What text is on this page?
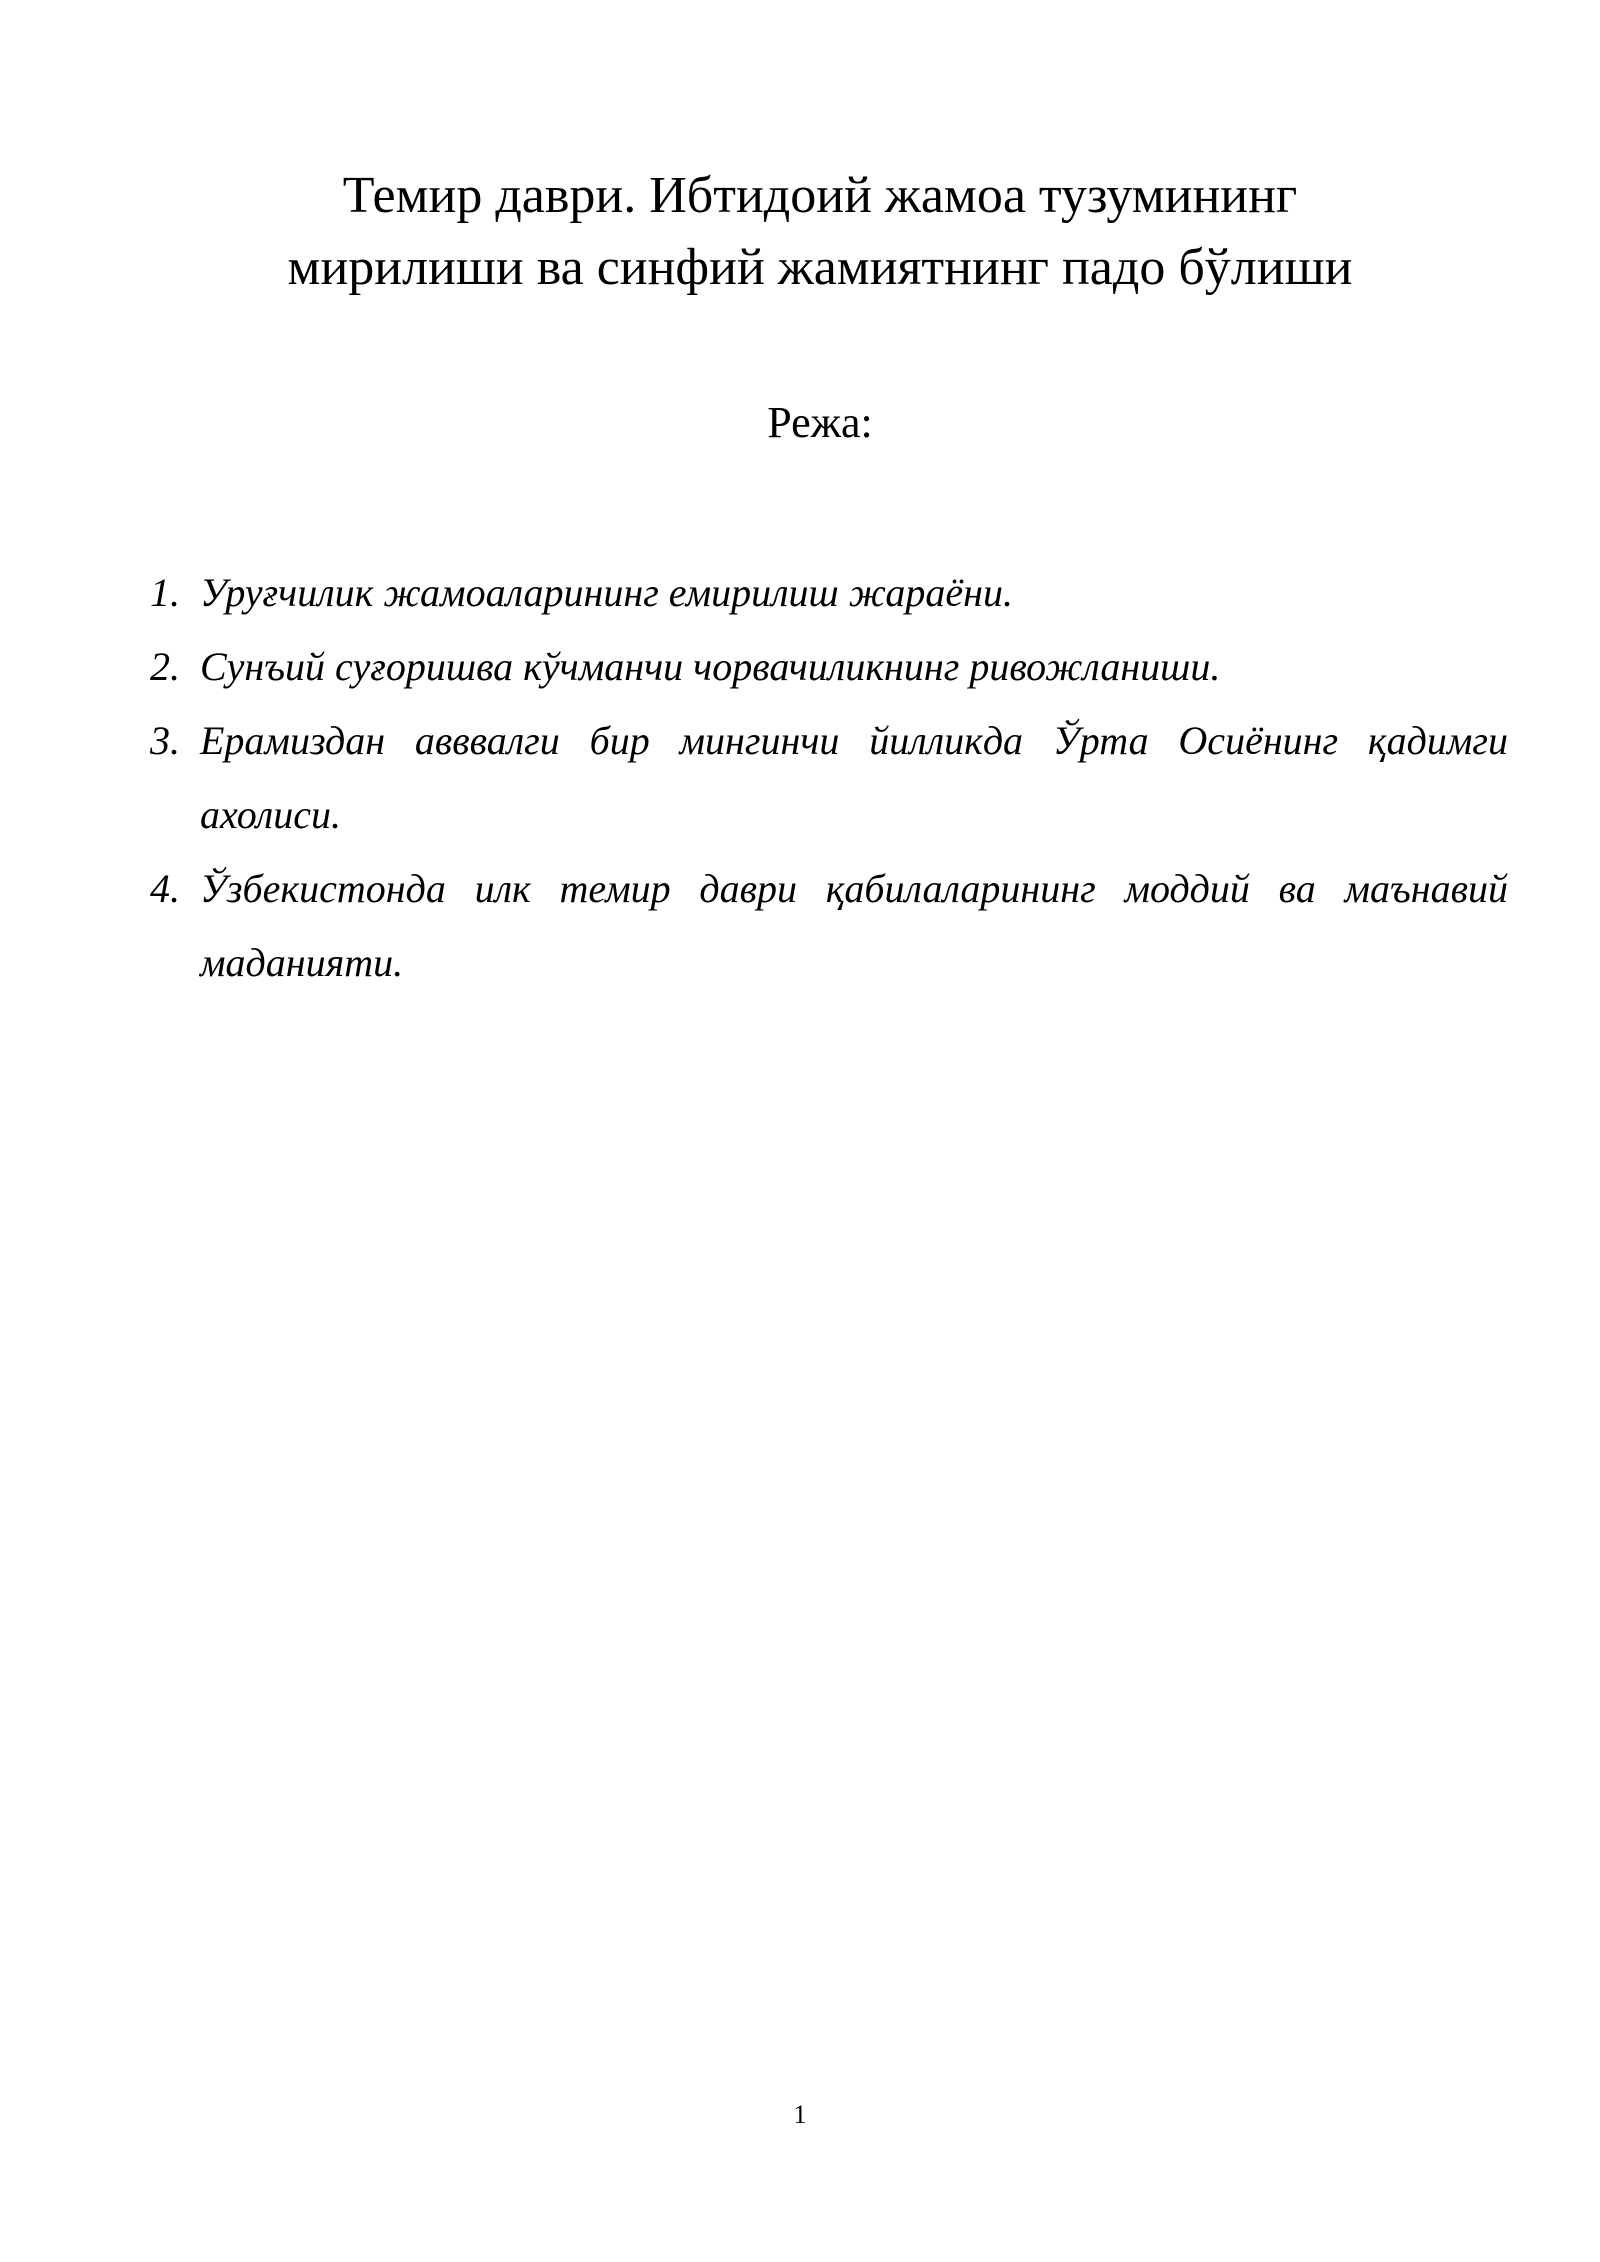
Темир даври. Ибтидоий жамоа тузумининг
мирилиши ва синфий жамиятнинг падо бўлиши
Режа:
1. Уруғчилик жамоаларининг емирилиш жараёни.
2. Сунъий суғоришва кўчманчи чорвачиликнинг ривожланиши.
3. Ерамиздан авввалги бир мингинчи йилликда Ўрта Осиёнинг қадимги ахолиси.
4. Ўзбекистонда илк темир даври қабилаларининг моддий ва маънавий маданияти.
1
